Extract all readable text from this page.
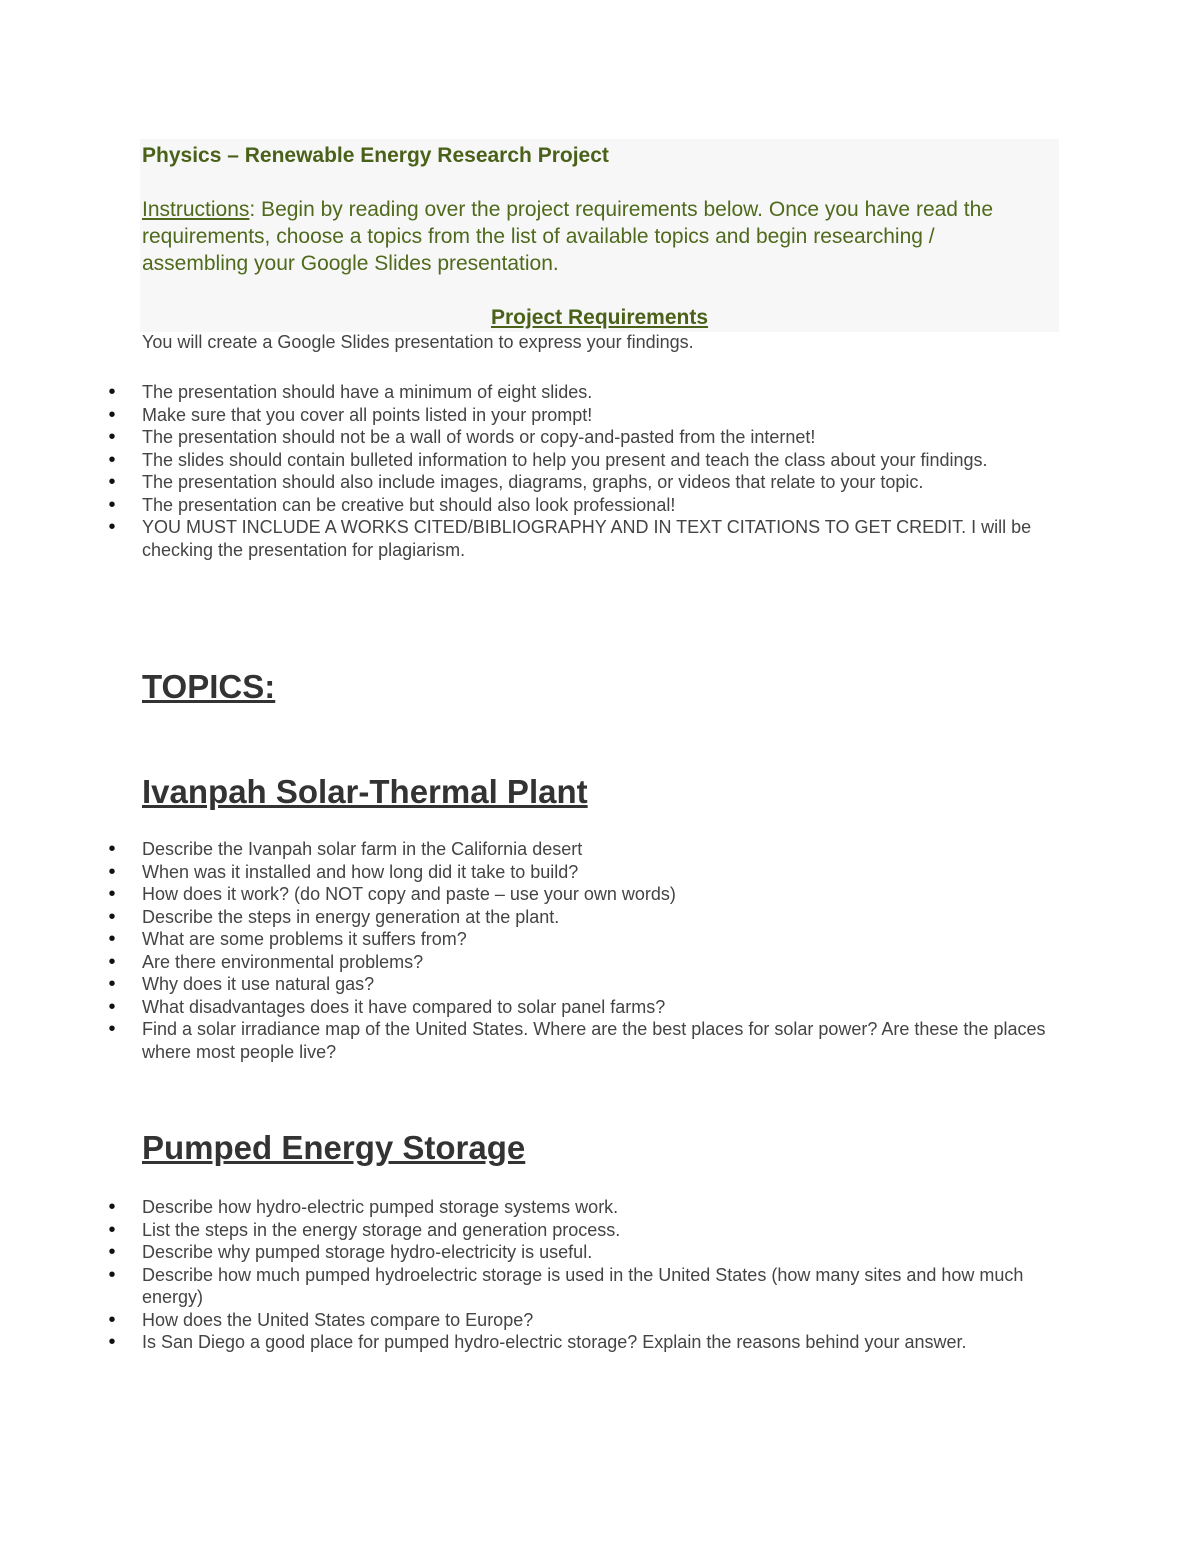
Physics – Renewable Energy Research Project

Instructions: Begin by reading over the project requirements below. Once you have read the requirements, choose a topics from the list of available topics and begin researching / assembling your Google Slides presentation.

Project Requirements

You will create a Google Slides presentation to express your findings.

• The presentation should have a minimum of eight slides.
• Make sure that you cover all points listed in your prompt!
• The presentation should not be a wall of words or copy-and-pasted from the internet!
• The slides should contain bulleted information to help you present and teach the class about your findings.
• The presentation should also include images, diagrams, graphs, or videos that relate to your topic.
• The presentation can be creative but should also look professional!
• YOU MUST INCLUDE A WORKS CITED/BIBLIOGRAPHY AND IN TEXT CITATIONS TO GET CREDIT. I will be checking the presentation for plagiarism.
TOPICS:
Ivanpah Solar-Thermal Plant
• Describe the Ivanpah solar farm in the California desert
• When was it installed and how long did it take to build?
• How does it work? (do NOT copy and paste – use your own words)
• Describe the steps in energy generation at the plant.
• What are some problems it suffers from?
• Are there environmental problems?
• Why does it use natural gas?
• What disadvantages does it have compared to solar panel farms?
• Find a solar irradiance map of the United States. Where are the best places for solar power? Are these the places where most people live?
Pumped Energy Storage
• Describe how hydro-electric pumped storage systems work.
• List the steps in the energy storage and generation process.
• Describe why pumped storage hydro-electricity is useful.
• Describe how much pumped hydroelectric storage is used in the United States (how many sites and how much energy)
• How does the United States compare to Europe?
• Is San Diego a good place for pumped hydro-electric storage? Explain the reasons behind your answer.
